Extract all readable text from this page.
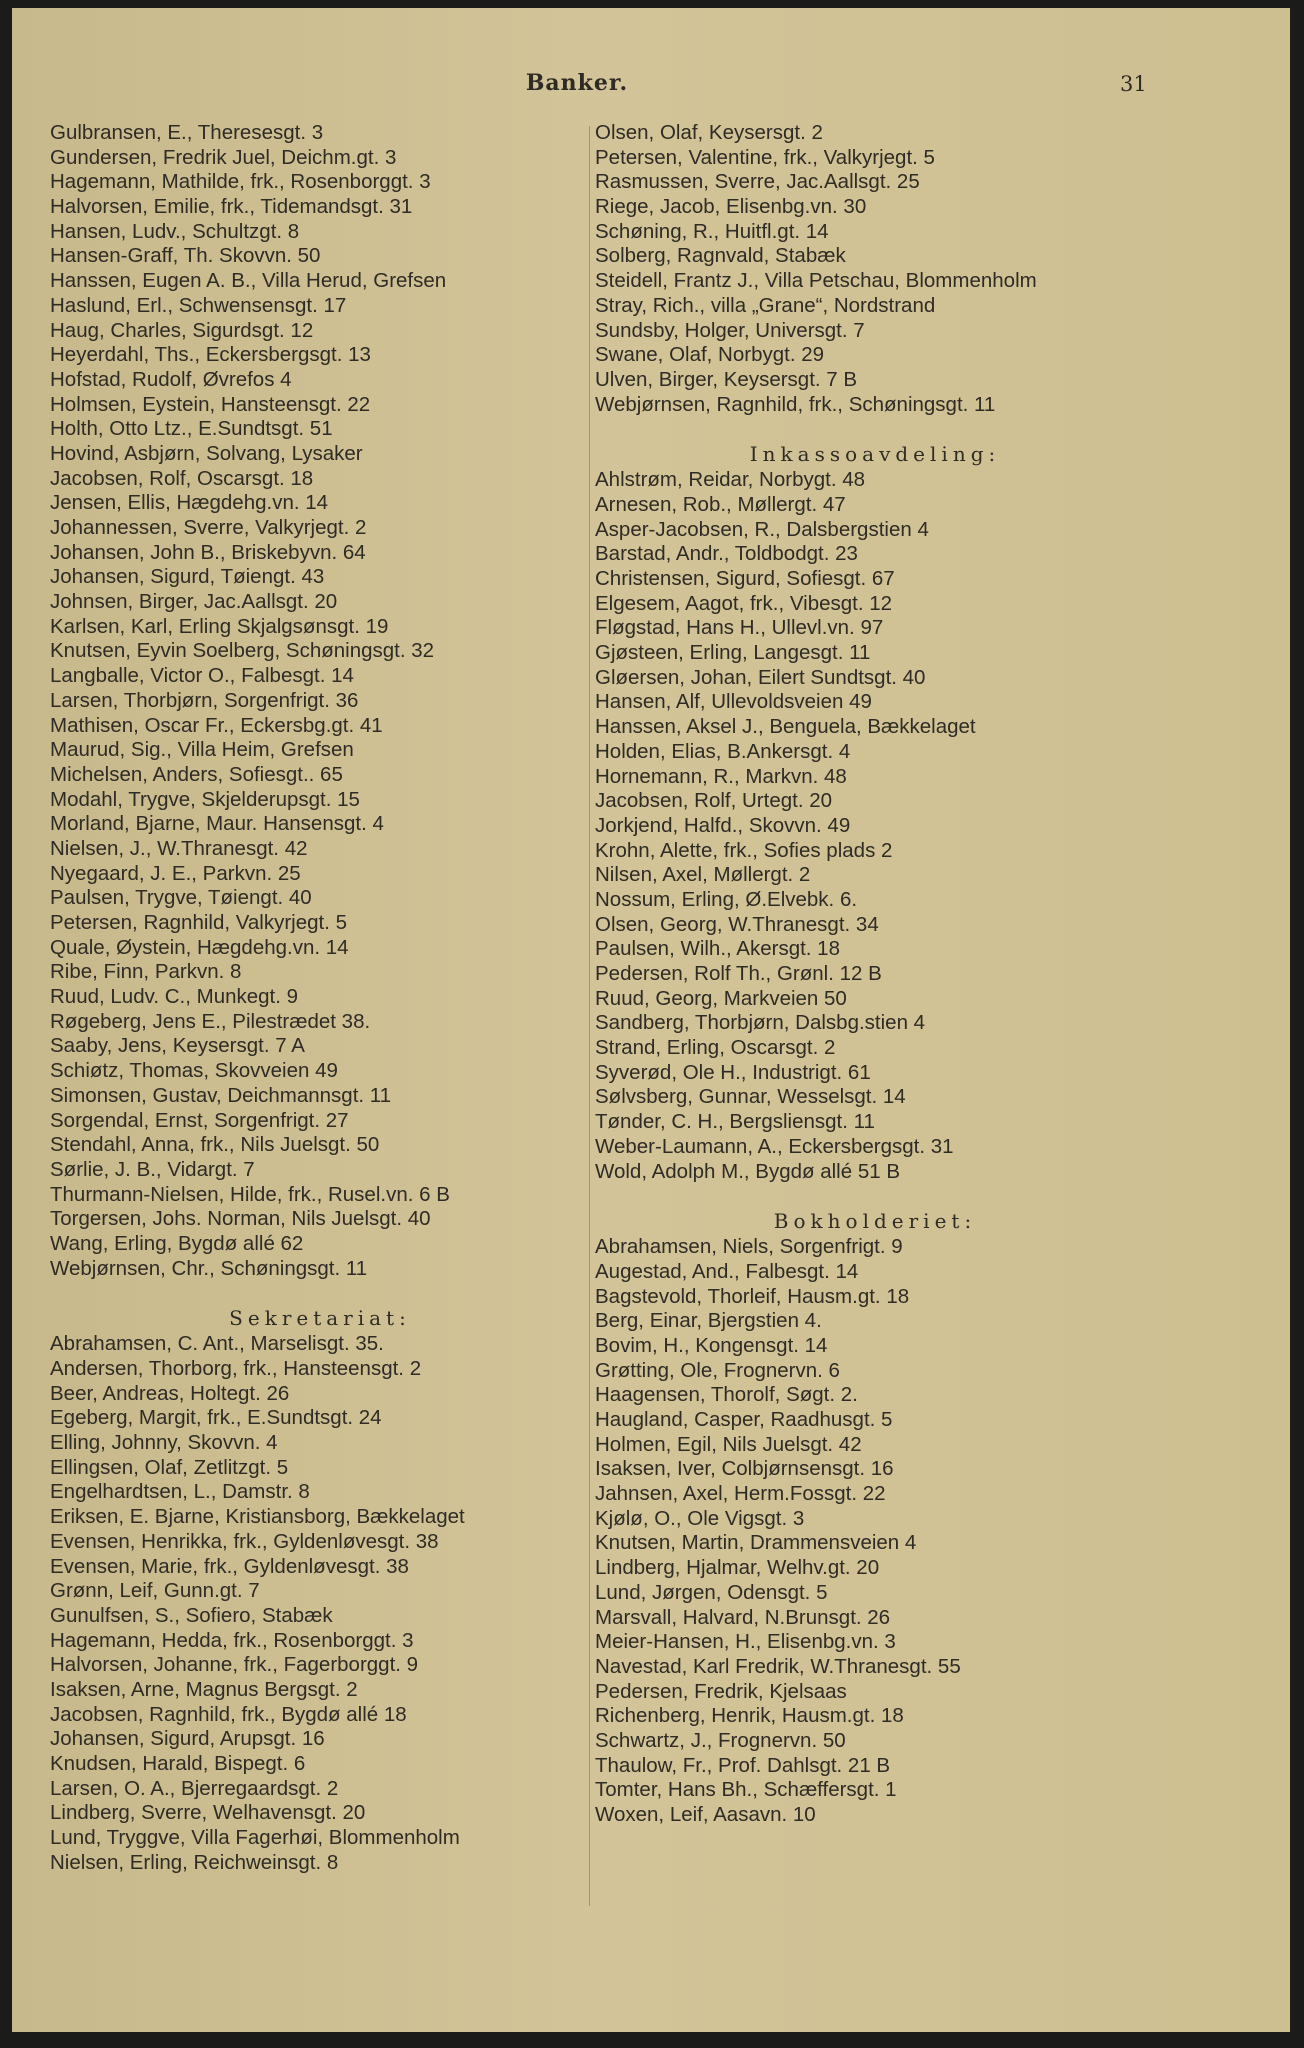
Banker.	31
Gulbransen, E., Theresesgt. 3
Gundersen, Fredrik Juel, Deichm.gt. 3
Hagemann, Mathilde, frk., Rosenborggt. 3
Halvorsen, Emilie, frk., Tidemandsgt. 31
Hansen, Ludv., Schultzgt. 8
Hansen-Graff, Th. Skovvn. 50
Hanssen, Eugen A. B., Villa Herud, Grefsen
Haslund, Erl., Schwensensgt. 17
Haug, Charles, Sigurdsgt. 12
Heyerdahl, Ths., Eckersbergsgt. 13
Hofstad, Rudolf, Øvrefos 4
Holmsen, Eystein, Hansteensgt. 22
Holth, Otto Ltz., E.Sundtsgt. 51
Hovind, Asbjørn, Solvang, Lysaker
Jacobsen, Rolf, Oscarsgt. 18
Jensen, Ellis, Hægdehg.vn. 14
Johannessen, Sverre, Valkyrjegt. 2
Johansen, John B., Briskebyvn. 64
Johansen, Sigurd, Tøiengt. 43
Johnsen, Birger, Jac.Aallsgt. 20
Karlsen, Karl, Erling Skjalgsønsgt. 19
Knutsen, Eyvin Soelberg, Schøningsgt. 32
Langballe, Victor O., Falbesgt. 14
Larsen, Thorbjørn, Sorgenfrigt. 36
Mathisen, Oscar Fr., Eckersbg.gt. 41
Maurud, Sig., Villa Heim, Grefsen
Michelsen, Anders, Sofiesgt.. 65
Modahl, Trygve, Skjelderupsgt. 15
Morland, Bjarne, Maur. Hansensgt. 4
Nielsen, J., W.Thranesgt. 42
Nyegaard, J. E., Parkvn. 25
Paulsen, Trygve, Tøiengt. 40
Petersen, Ragnhild, Valkyrjegt. 5
Quale, Øystein, Hægdehg.vn. 14
Ribe, Finn, Parkvn. 8
Ruud, Ludv. C., Munkegt. 9
Røgeberg, Jens E., Pilestrædet 38.
Saaby, Jens, Keysersgt. 7 A
Schiøtz, Thomas, Skovveien 49
Simonsen, Gustav, Deichmannsgt. 11
Sorgendal, Ernst, Sorgenfrigt. 27
Stendahl, Anna, frk., Nils Juelsgt. 50
Sørlie, J. B., Vidargt. 7
Thurmann-Nielsen, Hilde, frk., Rusel.vn. 6 B
Torgersen, Johs. Norman, Nils Juelsgt. 40
Wang, Erling, Bygdø allé 62
Webjørnsen, Chr., Schøningsgt. 11
Sekretariat:
Abrahamsen, C. Ant., Marselisgt. 35.
Andersen, Thorborg, frk., Hansteensgt. 2
Beer, Andreas, Holtegt. 26
Egeberg, Margit, frk., E.Sundtsgt. 24
Elling, Johnny, Skovvn. 4
Ellingsen, Olaf, Zetlitzgt. 5
Engelhardtsen, L., Damstr. 8
Eriksen, E. Bjarne, Kristiansborg, Bækkelaget
Evensen, Henrikka, frk., Gyldenløvesgt. 38
Evensen, Marie, frk., Gyldenløvesgt. 38
Grønn, Leif, Gunn.gt. 7
Gunulfsen, S., Sofiero, Stabæk
Hagemann, Hedda, frk., Rosenborggt. 3
Halvorsen, Johanne, frk., Fagerborggt. 9
Isaksen, Arne, Magnus Bergsgt. 2
Jacobsen, Ragnhild, frk., Bygdø allé 18
Johansen, Sigurd, Arupsgt. 16
Knudsen, Harald, Bispegt. 6
Larsen, O. A., Bjerregaardsgt. 2
Lindberg, Sverre, Welhavensgt. 20
Lund, Tryggve, Villa Fagerhøi, Blommenholm
Nielsen, Erling, Reichweinsgt. 8
Olsen, Olaf, Keysersgt. 2
Petersen, Valentine, frk., Valkyrjegt. 5
Rasmussen, Sverre, Jac.Aallsgt. 25
Riege, Jacob, Elisenbg.vn. 30
Schøning, R., Huitfl.gt. 14
Solberg, Ragnvald, Stabæk
Steidell, Frantz J., Villa Petschau, Blommenholm
Stray, Rich., villa „Grane“, Nordstrand
Sundsby, Holger, Universgt. 7
Swane, Olaf, Norbygt. 29
Ulven, Birger, Keysersgt. 7 B
Webjørnsen, Ragnhild, frk., Schøningsgt. 11
Inkassoavdeling:
Ahlstrøm, Reidar, Norbygt. 48
Arnesen, Rob., Møllergt. 47
Asper-Jacobsen, R., Dalsbergstien 4
Barstad, Andr., Toldbodgt. 23
Christensen, Sigurd, Sofiesgt. 67
Elgesem, Aagot, frk., Vibesgt. 12
Fløgstad, Hans H., Ullevl.vn. 97
Gjøsteen, Erling, Langesgt. 11
Gløersen, Johan, Eilert Sundtsgt. 40
Hansen, Alf, Ullevoldsveien 49
Hanssen, Aksel J., Benguela, Bækkelaget
Holden, Elias, B.Ankersgt. 4
Hornemann, R., Markvn. 48
Jacobsen, Rolf, Urtegt. 20
Jorkjend, Halfd., Skovvn. 49
Krohn, Alette, frk., Sofies plads 2
Nilsen, Axel, Møllergt. 2
Nossum, Erling, Ø.Elvebk. 6.
Olsen, Georg, W.Thranesgt. 34
Paulsen, Wilh., Akersgt. 18
Pedersen, Rolf Th., Grønl. 12 B
Ruud, Georg, Markveien 50
Sandberg, Thorbjørn, Dalsbg.stien 4
Strand, Erling, Oscarsgt. 2
Syverød, Ole H., Industrigt. 61
Sølvsberg, Gunnar, Wesselsgt. 14
Tønder, C. H., Bergsliensgt. 11
Weber-Laumann, A., Eckersbergsgt. 31
Wold, Adolph M., Bygdø allé 51 B
Bokholderiet:
Abrahamsen, Niels, Sorgenfrigt. 9
Augestad, And., Falbesgt. 14
Bagstevold, Thorleif, Hausm.gt. 18
Berg, Einar, Bjergstien 4.
Bovim, H., Kongensgt. 14
Grøtting, Ole, Frognervn. 6
Haagensen, Thorolf, Søgt. 2.
Haugland, Casper, Raadhusgt. 5
Holmen, Egil, Nils Juelsgt. 42
Isaksen, Iver, Colbjørnsensgt. 16
Jahnsen, Axel, Herm.Fossgt. 22
Kjølø, O., Ole Vigsgt. 3
Knutsen, Martin, Drammensveien 4
Lindberg, Hjalmar, Welhv.gt. 20
Lund, Jørgen, Odensgt. 5
Marsvall, Halvard, N.Brunsgt. 26
Meier-Hansen, H., Elisenbg.vn. 3
Navestad, Karl Fredrik, W.Thranesgt. 55
Pedersen, Fredrik, Kjelsaas
Richenberg, Henrik, Hausm.gt. 18
Schwartz, J., Frognervn. 50
Thaulow, Fr., Prof. Dahlsgt. 21 B
Tomter, Hans Bh., Schæffersgt. 1
Woxen, Leif, Aasavn. 10
